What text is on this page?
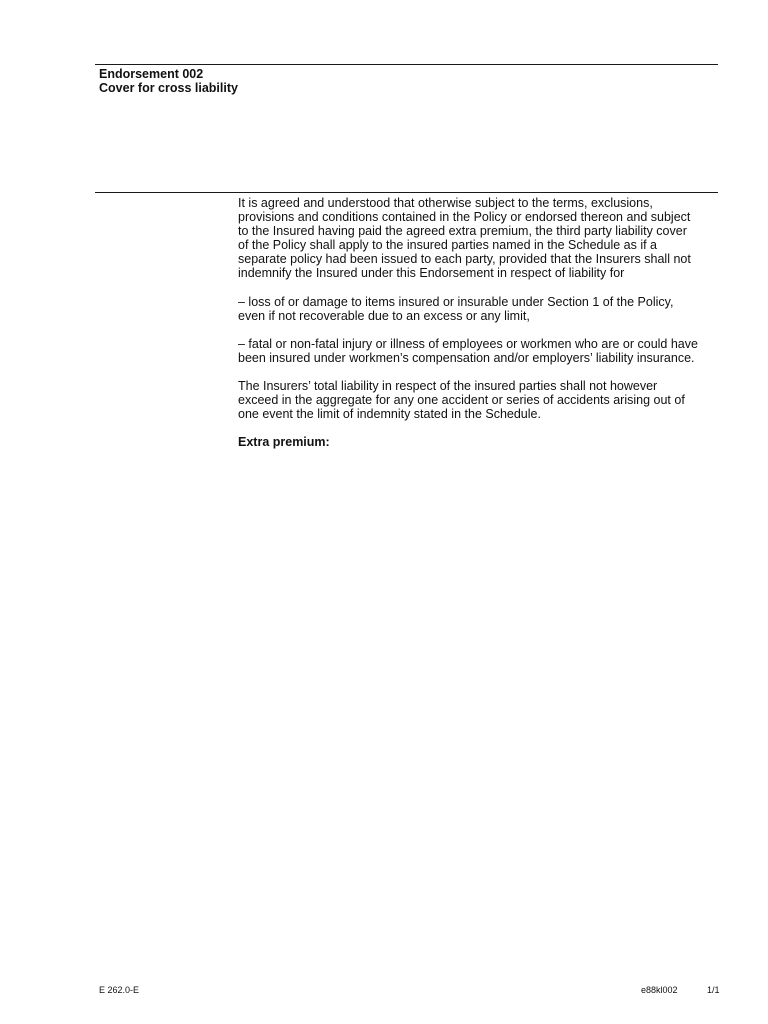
Endorsement 002
Cover for cross liability

It is agreed and understood that otherwise subject to the terms, exclusions,
provisions and conditions contained in the Policy or endorsed thereon and subject
to the Insured having paid the agreed extra premium, the third party liability cover
of the Policy shall apply to the insured parties named in the Schedule as if a
separate policy had been issued to each party, provided that the Insurers shall not
indemnify the Insured under this Endorsement in respect of liability for

– loss of or damage to items insured or insurable under Section 1 of the Policy,
even if not recoverable due to an excess or any limit,

– fatal or non-fatal injury or illness of employees or workmen who are or could have
been insured under workmen’s compensation and/or employers’ liability insurance.

The Insurers’ total liability in respect of the insured parties shall not however
exceed in the aggregate for any one accident or series of accidents arising out of
one event the limit of indemnity stated in the Schedule.

Extra premium:

E 262.0-E	e88kl002	1/1
